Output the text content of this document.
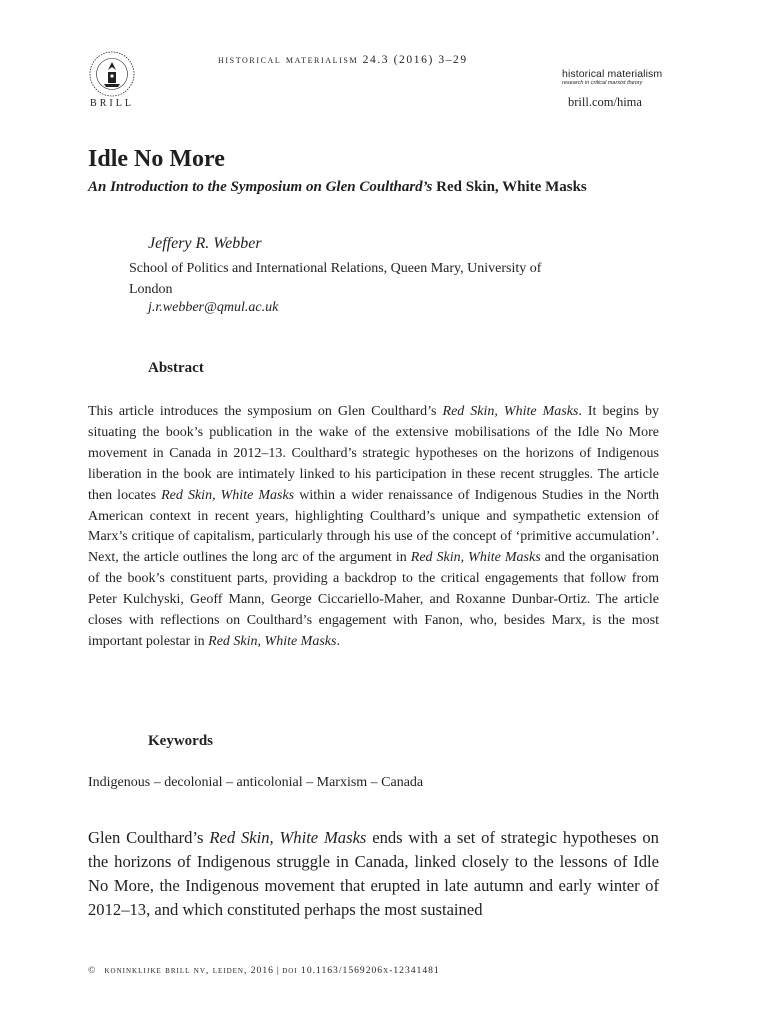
BRILL
historical materialism 24.3 (2016) 3–29
historical materialism
research in critical marxist theory
brill.com/hima
Idle No More
An Introduction to the Symposium on Glen Coulthard’s Red Skin, White Masks
Jeffery R. Webber
School of Politics and International Relations, Queen Mary, University of London
j.r.webber@qmul.ac.uk
Abstract
This article introduces the symposium on Glen Coulthard’s Red Skin, White Masks. It begins by situating the book’s publication in the wake of the extensive mobilisations of the Idle No More movement in Canada in 2012–13. Coulthard’s strategic hypotheses on the horizons of Indigenous liberation in the book are intimately linked to his participation in these recent struggles. The article then locates Red Skin, White Masks within a wider renaissance of Indigenous Studies in the North American context in recent years, highlighting Coulthard’s unique and sympathetic extension of Marx’s critique of capitalism, particularly through his use of the concept of ‘primitive accumulation’. Next, the article outlines the long arc of the argument in Red Skin, White Masks and the organisation of the book’s constituent parts, providing a backdrop to the critical engagements that follow from Peter Kulchyski, Geoff Mann, George Ciccariello-Maher, and Roxanne Dunbar-Ortiz. The article closes with reflections on Coulthard’s engagement with Fanon, who, besides Marx, is the most important polestar in Red Skin, White Masks.
Keywords
Indigenous – decolonial – anticolonial – Marxism – Canada
Glen Coulthard’s Red Skin, White Masks ends with a set of strategic hypotheses on the horizons of Indigenous struggle in Canada, linked closely to the lessons of Idle No More, the Indigenous movement that erupted in late autumn and early winter of 2012–13, and which constituted perhaps the most sustained
© koninklijke brill nv, leiden, 2016 | doi 10.1163/1569206x-12341481
